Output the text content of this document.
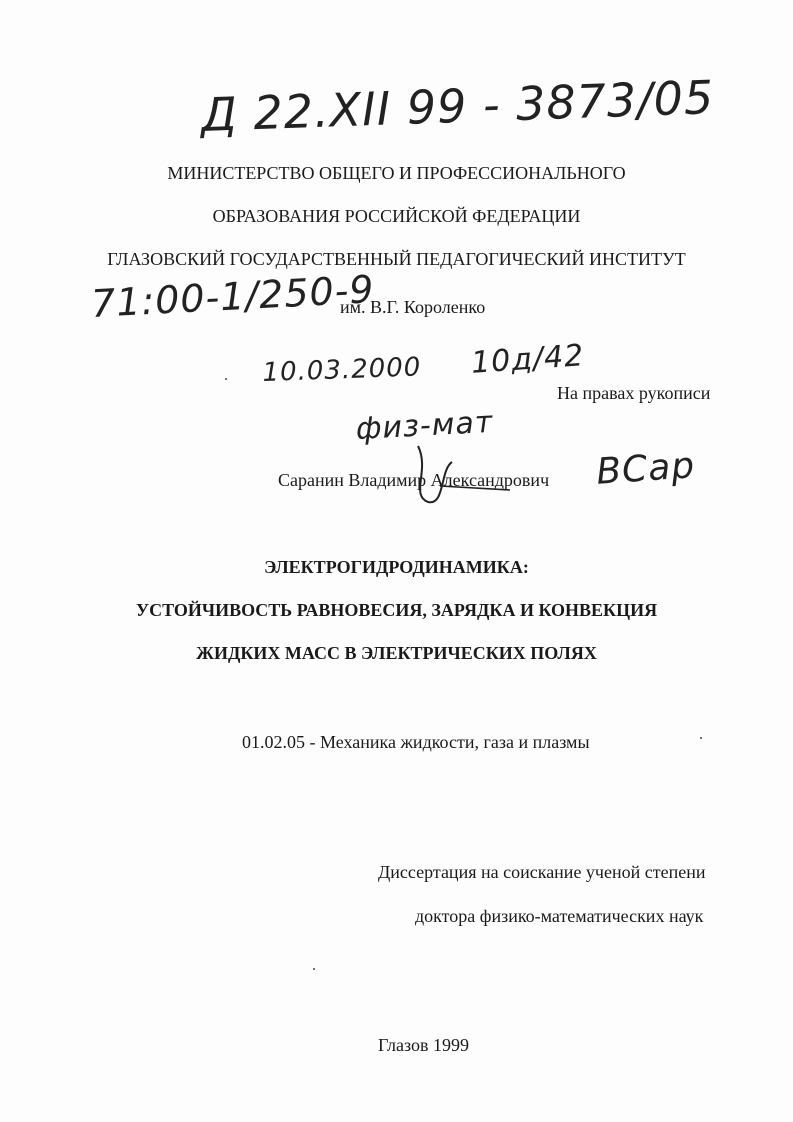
Д 22.XII 99 - 3873/05
МИНИСТЕРСТВО ОБЩЕГО И ПРОФЕССИОНАЛЬНОГО
ОБРАЗОВАНИЯ РОССИЙСКОЙ ФЕДЕРАЦИИ
ГЛАЗОВСКИЙ ГОСУДАРСТВЕННЫЙ ПЕДАГОГИЧЕСКИЙ ИНСТИТУТ
71:00-1/250-9
им. В.Г. Короленко
10.03.2000 10д/42
На правах рукописи
физ-мат
Саранин Владимир Александрович ВСар
ЭЛЕКТРОГИДРОДИНАМИКА:
УСТОЙЧИВОСТЬ РАВНОВЕСИЯ, ЗАРЯДКА И КОНВЕКЦИЯ
ЖИДКИХ МАСС В ЭЛЕКТРИЧЕСКИХ ПОЛЯХ
01.02.05 - Механика жидкости, газа и плазмы
Диссертация на соискание ученой степени
доктора физико-математических наук
Глазов 1999
